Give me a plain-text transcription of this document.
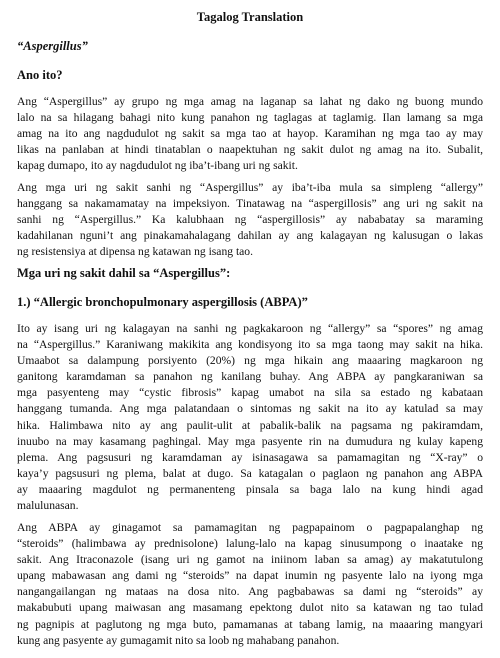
Tagalog Translation

“Aspergillus”

Ano ito?

Ang “Aspergillus” ay grupo ng mga amag na laganap sa lahat ng dako ng buong mundo
lalo na sa hilagang bahagi nito kung panahon ng taglagas at taglamig. Ilan lamang sa mga
amag na ito ang nagdudulot ng sakit sa mga tao at hayop. Karamihan ng mga tao ay may
likas na panlaban at hindi tinatablan o naapektuhan ng sakit dulot ng amag na ito. Subalit,
kapag dumapo, ito ay nagdudulot ng iba’t-ibang uri ng sakit.
Ang mga uri ng sakit sanhi ng “Aspergillus” ay iba’t-iba mula sa simpleng “allergy”
hanggang sa nakamamatay na impeksiyon. Tinatawag na “aspergillosis” ang uri ng sakit na
sanhi ng “Aspergillus.” Ka kalubhaan ng “aspergillosis” ay nababatay sa maraming
kadahilanan nguni’t ang pinakamahalagang dahilan ay ang kalagayan ng kalusugan o lakas
ng resistensiya at dipensa ng katawan ng isang tao.

Mga uri ng sakit dahil sa “Aspergillus”:

1.) “Allergic bronchopulmonary aspergillosis (ABPA)”

Ito ay isang uri ng kalagayan na sanhi ng pagkakaroon ng “allergy” sa “spores” ng amag
na “Aspergillus.” Karaniwang makikita ang kondisyong ito sa mga taong may sakit na hika.
Umaabot sa dalampung porsiyento (20%) ng mga hikain ang maaaring magkaroon ng
ganitong karamdaman sa panahon ng kanilang buhay. Ang ABPA ay pangkaraniwan sa
mga pasyenteng may “cystic fibrosis” kapag umabot na sila sa estado ng kabataan
hanggang tumanda. Ang mga palatandaan o sintomas ng sakit na ito ay katulad sa may
hika. Halimbawa nito ay ang paulit-ulit at pabalik-balik na pagsama ng pakiramdam,
inuubo na may kasamang paghingal. May mga pasyente rin na dumudura ng kulay kapeng
plema. Ang pagsusuri ng karamdaman ay isinasagawa sa pamamagitan ng “X-ray” o
kaya’y pagsusuri ng plema, balat at dugo. Sa katagalan o paglaon ng panahon ang ABPA
ay maaaring magdulot ng permanenteng pinsala sa baga lalo na kung hindi agad
malulunasan.
Ang ABPA ay ginagamot sa pamamagitan ng pagpapainom o pagpapalanghap ng
“steroids” (halimbawa ay prednisolone) lalung-lalo na kapag sinusumpong o inaatake ng
sakit. Ang Itraconazole (isang uri ng gamot na iniinom laban sa amag) ay makatutulong
upang mabawasan ang dami ng “steroids” na dapat inumin ng pasyente lalo na iyong mga
nangangailangan ng mataas na dosa nito. Ang pagbabawas sa dami ng “steroids” ay
makabubuti upang maiwasan ang masamang epektong dulot nito sa katawan ng tao tulad
ng pagnipis at paglutong ng mga buto, pamamanas at tabang lamig, na maaaring mangyari
kung ang pasyente ay gumagamit nito sa loob ng mahabang panahon.
